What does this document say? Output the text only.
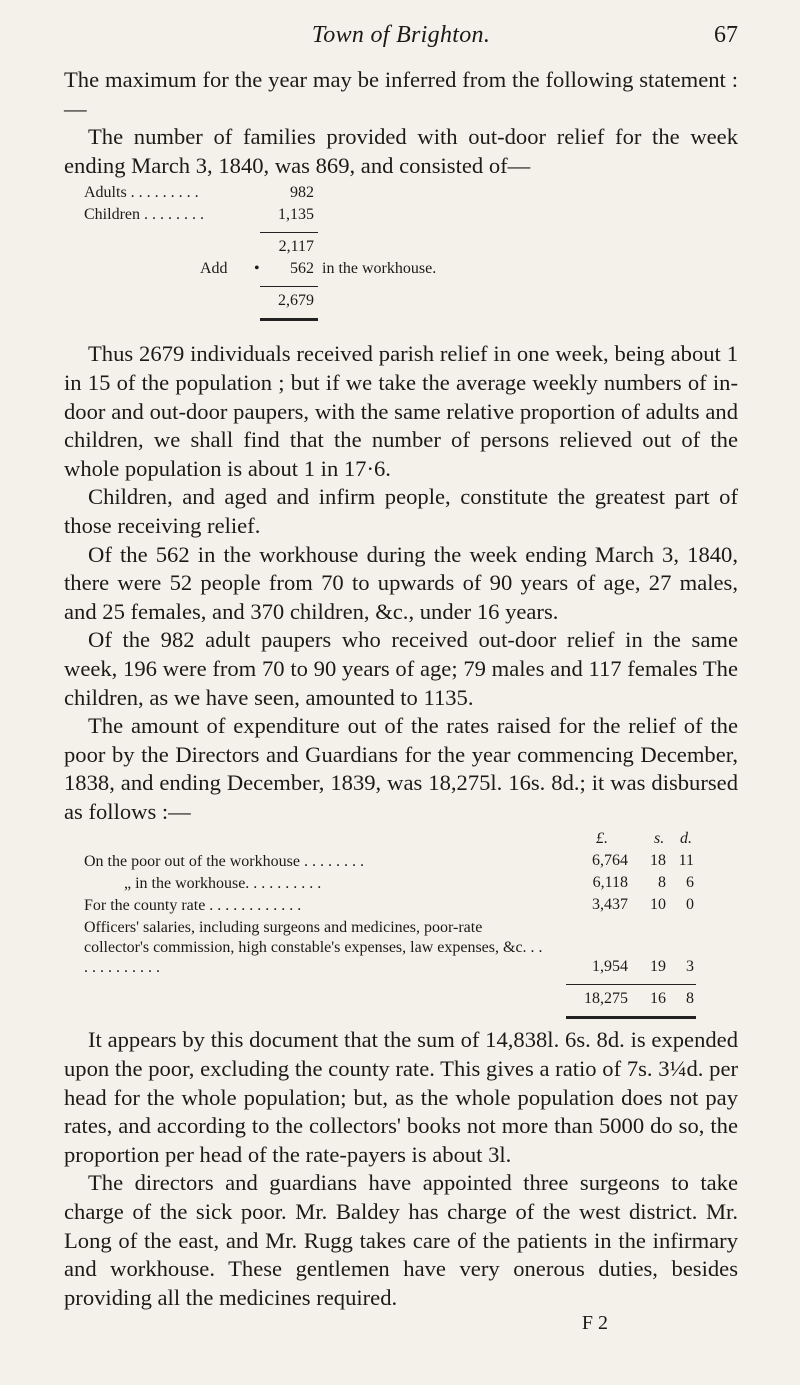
Town of Brighton.	67

The maximum for the year may be inferred from the following statement :—

The number of families provided with out-door relief for the week ending March 3, 1840, was 869, and consisted of—

Adults . . . . . . . . .	982
Children . . . . . . . .	1,135
2,117
Add •	562 in the workhouse.
2,679

Thus 2679 individuals received parish relief in one week, being about 1 in 15 of the population ; but if we take the average weekly numbers of in-door and out-door paupers, with the same relative proportion of adults and children, we shall find that the number of persons relieved out of the whole population is about 1 in 17·6.

Children, and aged and infirm people, constitute the greatest part of those receiving relief.

Of the 562 in the workhouse during the week ending March 3, 1840, there were 52 people from 70 to upwards of 90 years of age, 27 males, and 25 females, and 370 children, &c., under 16 years.

Of the 982 adult paupers who received out-door relief in the same week, 196 were from 70 to 90 years of age; 79 males and 117 females The children, as we have seen, amounted to 1135.

The amount of expenditure out of the rates raised for the relief of the poor by the Directors and Guardians for the year commencing December, 1838, and ending December, 1839, was 18,275l. 16s. 8d.; it was disbursed as follows :—

£.	s. d.
On the poor out of the workhouse . . . . . . . .	6,764	18 11
„ in the workhouse. . . . . . . . . .	6,118	8	6
For the county rate . . . . . . . . . . . .	3,437	10	0
Officers' salaries, including surgeons and medicines, poor-rate collector's commission, high constable's expenses, law expenses, &c. . . . . . . . . . . . .	1,954	19	3
18,275	16	8

It appears by this document that the sum of 14,838l. 6s. 8d. is expended upon the poor, excluding the county rate. This gives a ratio of 7s. 3¼d. per head for the whole population; but, as the whole population does not pay rates, and according to the collectors' books not more than 5000 do so, the proportion per head of the rate-payers is about 3l.

The directors and guardians have appointed three surgeons to take charge of the sick poor. Mr. Baldey has charge of the west district. Mr. Long of the east, and Mr. Rugg takes care of the patients in the infirmary and workhouse. These gentlemen have very onerous duties, besides providing all the medicines required.

F 2
